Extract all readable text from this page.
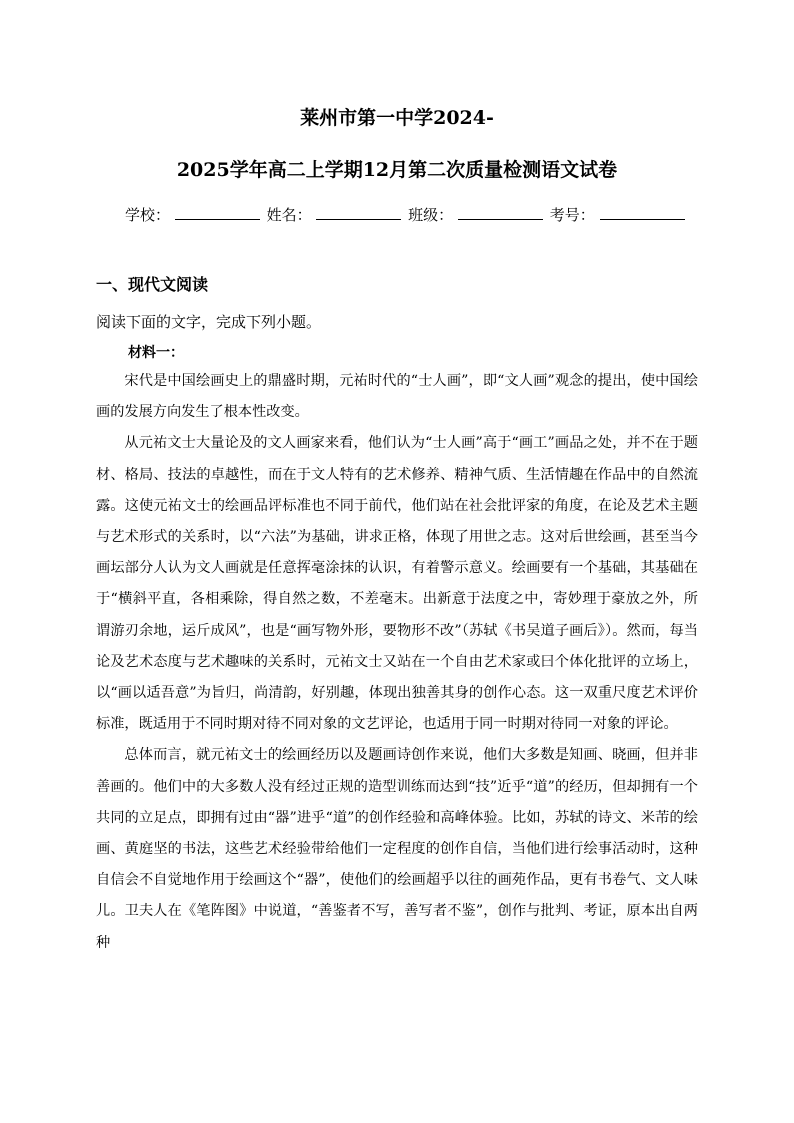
莱州市第一中学2024-
2025学年高二上学期12月第二次质量检测语文试卷
学校：	姓名：	班级：	考号：
一、现代文阅读
阅读下面的文字，完成下列小题。
材料一：

宋代是中国绘画史上的鼎盛时期，元祐时代的“士人画”，即“文人画”观念的提出，使中国绘画的发展方向发生了根本性改变。

从元祐文士大量论及的文人画家来看，他们认为“士人画”高于“画工”画品之处，并不在于题材、格局、技法的卓越性，而在于文人特有的艺术修养、精神气质、生活情趣在作品中的自然流露。这使元祐文士的绘画品评标准也不同于前代，他们站在社会批评家的角度，在论及艺术主题与艺术形式的关系时，以“六法”为基础，讲求正格，体现了用世之志。这对后世绘画，甚至当今画坛部分人认为文人画就是任意挥毫涂抹的认识，有着警示意义。绘画要有一个基础，其基础在于“横斜平直，各相乘除，得自然之数，不差毫末。出新意于法度之中，寄妙理于豪放之外，所谓游刃余地，运斤成风”，也是“画写物外形，要物形不改”（苏轼《书吴道子画后》）。然而，每当论及艺术态度与艺术趣味的关系时，元祐文士又站在一个自由艺术家或曰个体化批评的立场上，以“画以适吾意”为旨归，尚清韵，好别趣，体现出独善其身的创作心态。这一双重尺度艺术评价标准，既适用于不同时期对待不同对象的文艺评论，也适用于同一时期对待同一对象的评论。

总体而言，就元祐文士的绘画经历以及题画诗创作来说，他们大多数是知画、晓画，但并非善画的。他们中的大多数人没有经过正规的造型训练而达到“技”近乎“道”的经历，但却拥有一个共同的立足点，即拥有过由“器”进乎“道”的创作经验和高峰体验。比如，苏轼的诗文、米芾的绘画、黄庭坚的书法，这些艺术经验带给他们一定程度的创作自信，当他们进行绘事活动时，这种自信会不自觉地作用于绘画这个“器”，使他们的绘画超乎以往的画苑作品，更有书卷气、文人味儿。卫夫人在《笔阵图》中说道，“善鉴者不写，善写者不鉴”，创作与批判、考证，原本出自两种
